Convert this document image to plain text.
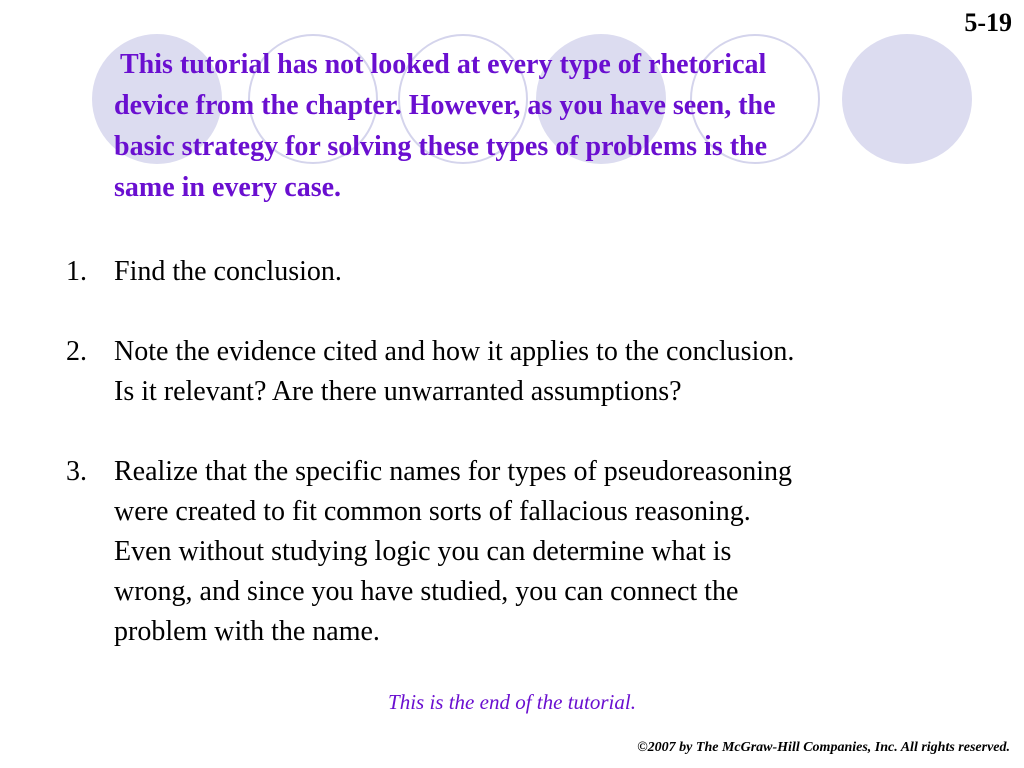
5-19

This tutorial has not looked at every type of rhetorical
device from the chapter. However, as you have seen, the
basic strategy for solving these types of problems is the
same in every case.

1. Find the conclusion.
2. Note the evidence cited and how it applies to the conclusion.
Is it relevant? Are there unwarranted assumptions?
3. Realize that the specific names for types of pseudoreasoning
were created to fit common sorts of fallacious reasoning.
Even without studying logic you can determine what is
wrong, and since you have studied, you can connect the
problem with the name.
This is the end of the tutorial.
©2007 by The McGraw-Hill Companies, Inc. All rights reserved.
